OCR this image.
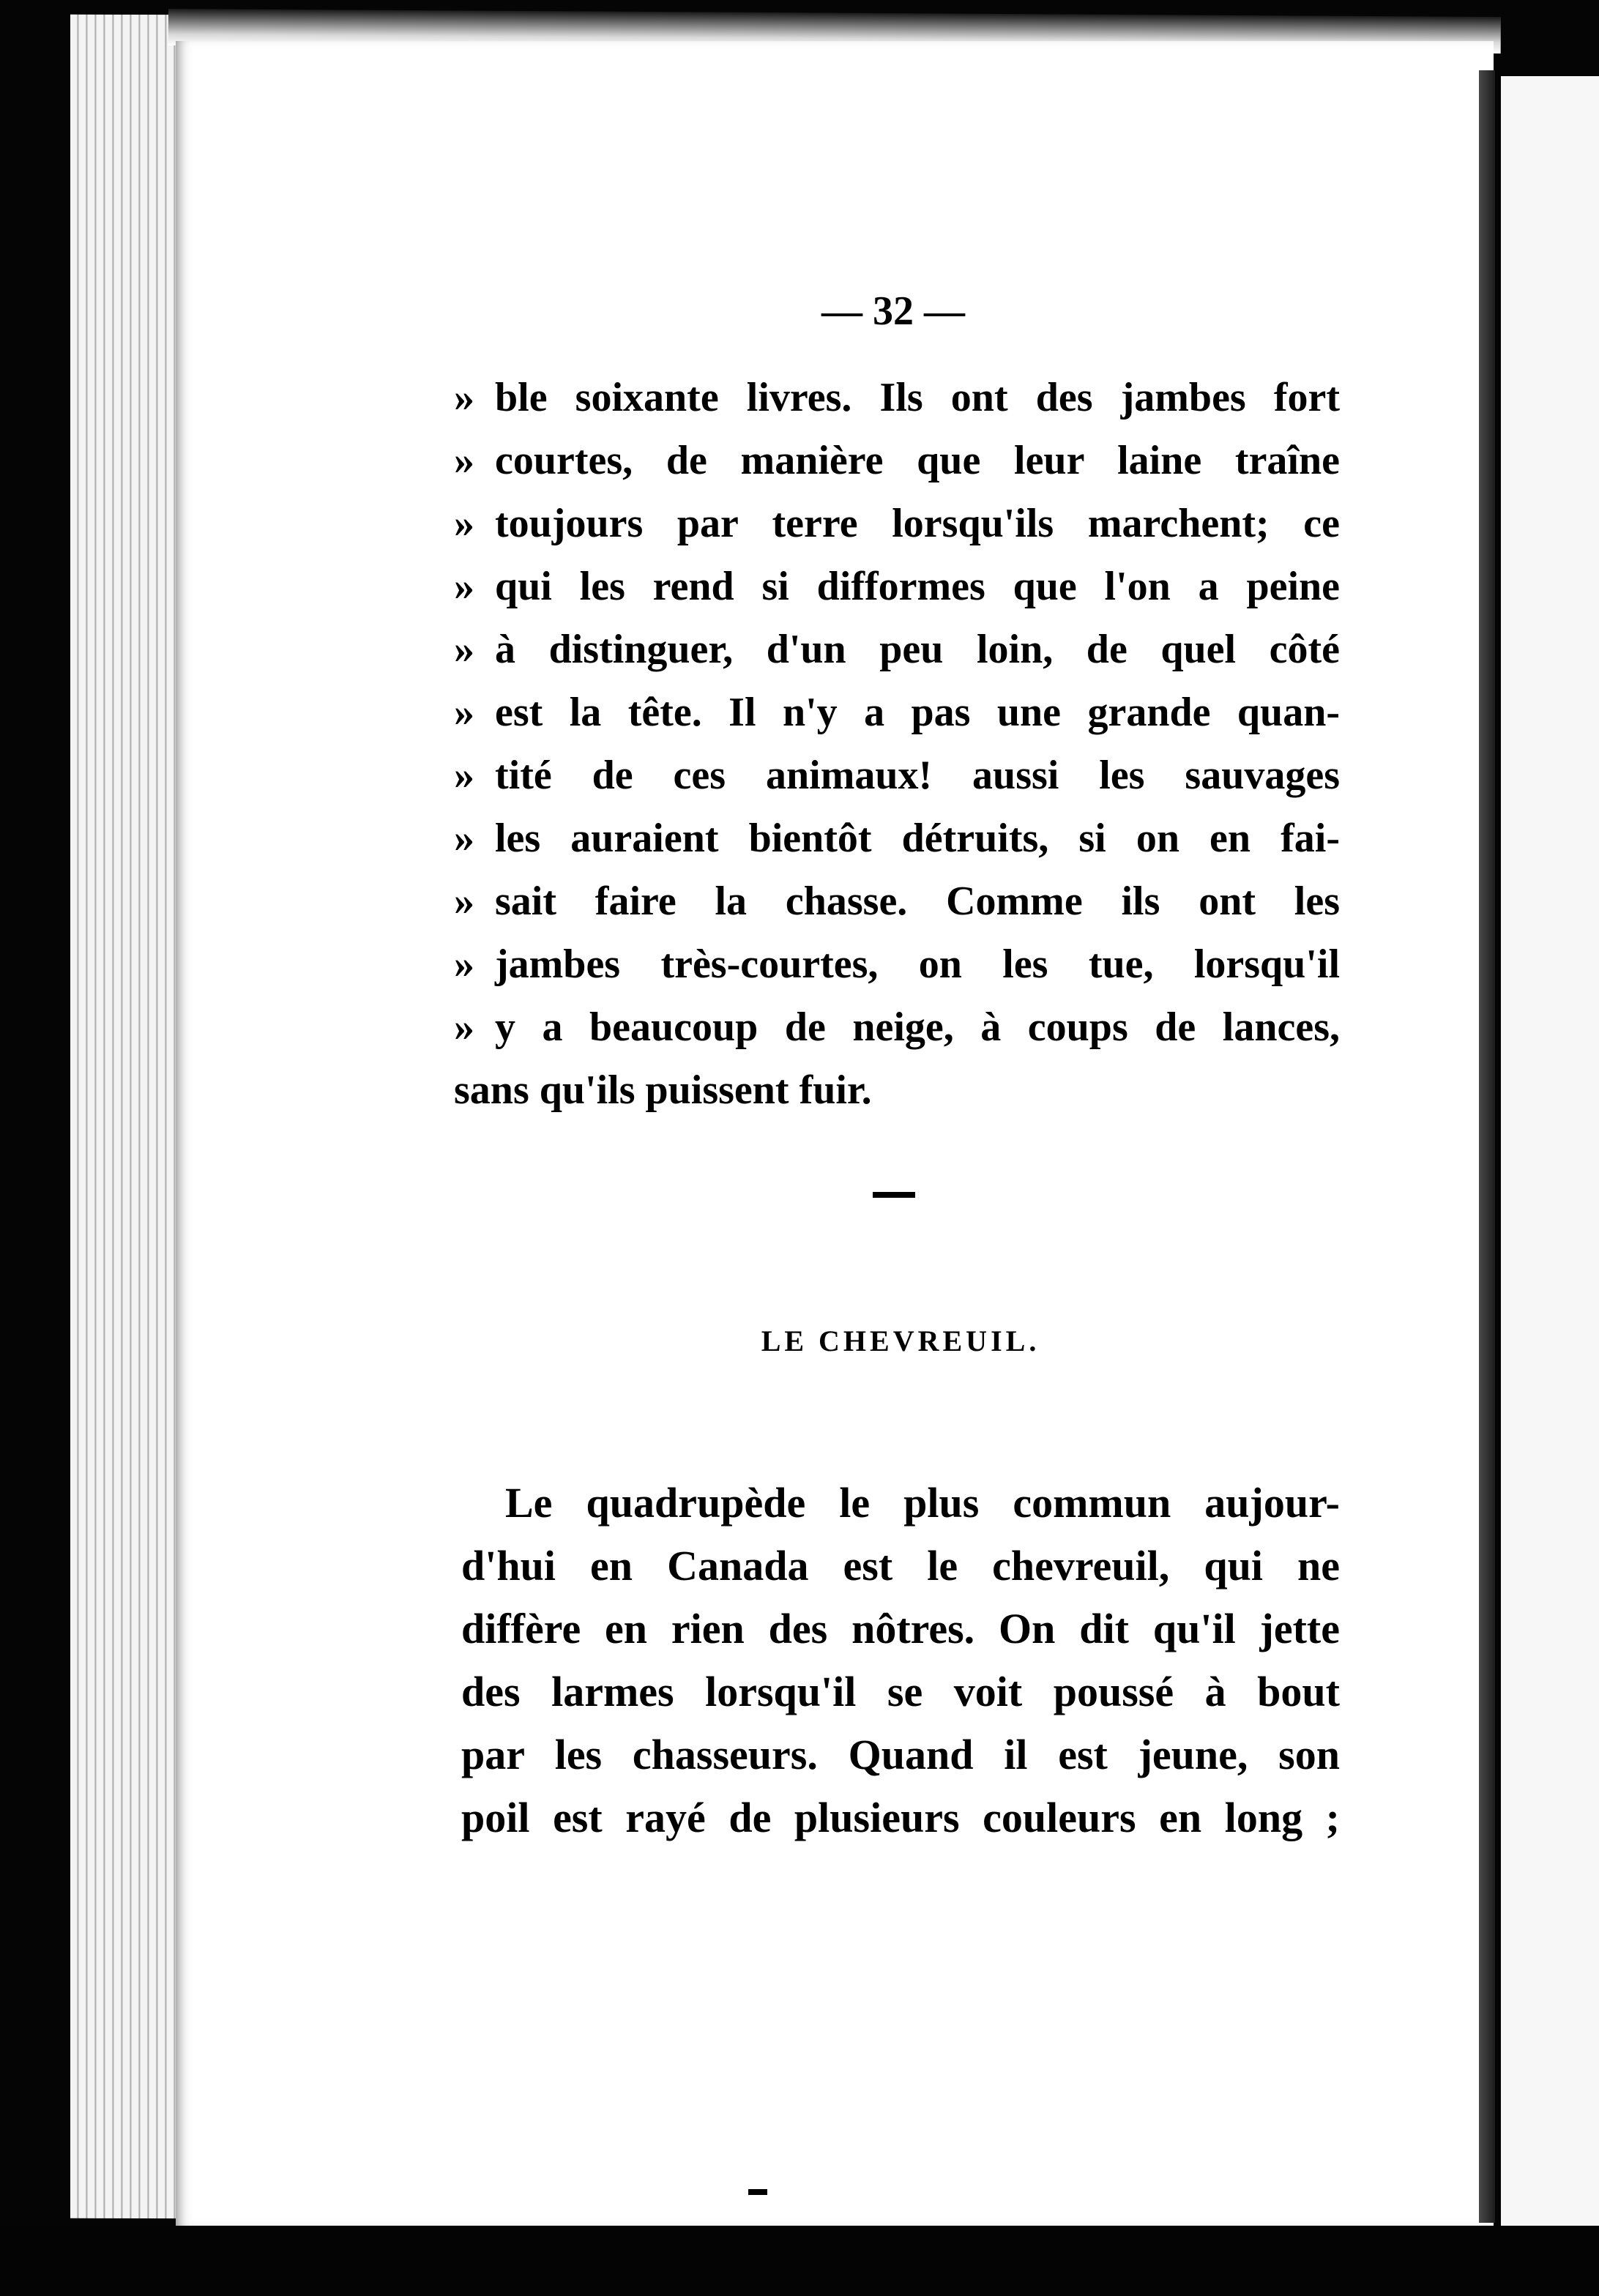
— 32 —
» ble soixante livres. Ils ont des jambes fort
» courtes, de manière que leur laine traîne
» toujours par terre lorsqu'ils marchent; ce
» qui les rend si difformes que l'on a peine
» à distinguer, d'un peu loin, de quel côté
» est la tête. Il n'y a pas une grande quan-
» tité de ces animaux! aussi les sauvages
» les auraient bientôt détruits, si on en fai-
» sait faire la chasse. Comme ils ont les
» jambes très-courtes, on les tue, lorsqu'il
» y a beaucoup de neige, à coups de lances,
sans qu'ils puissent fuir.
LE CHEVREUIL.
Le quadrupède le plus commun aujour-
d'hui en Canada est le chevreuil, qui ne
diffère en rien des nôtres. On dit qu'il jette
des larmes lorsqu'il se voit poussé à bout
par les chasseurs. Quand il est jeune, son
poil est rayé de plusieurs couleurs en long ;
